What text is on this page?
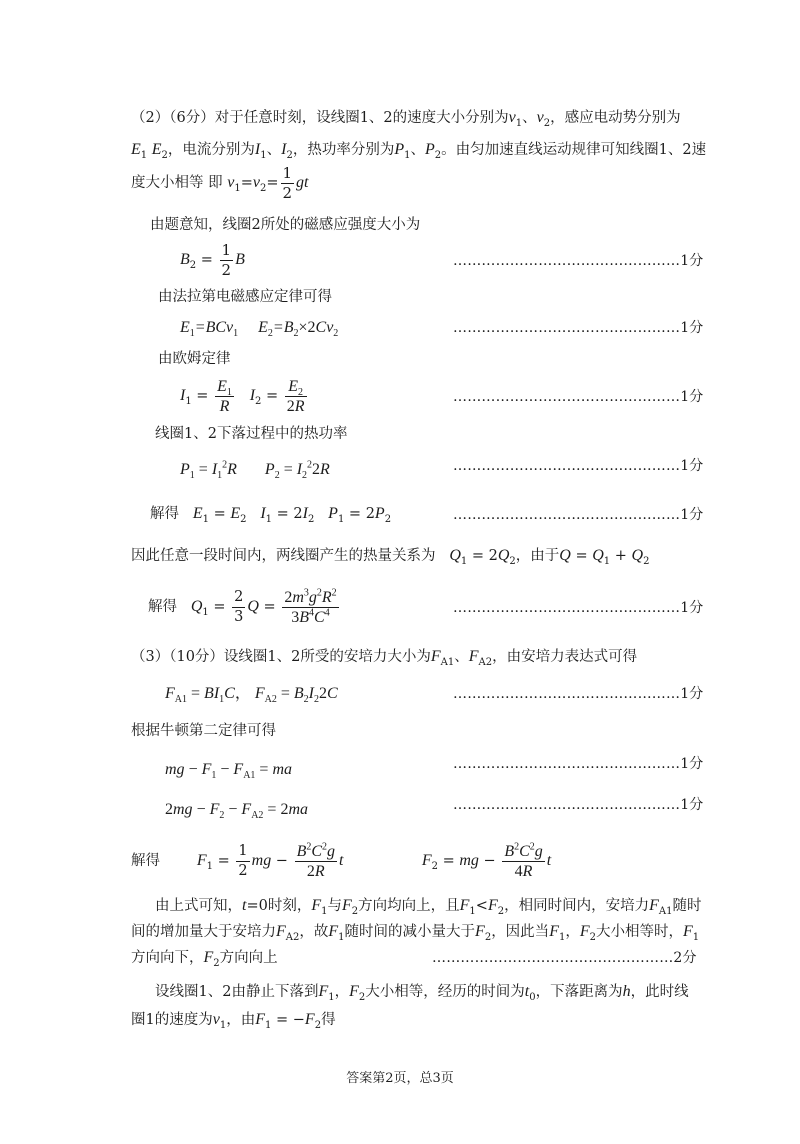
（2）（6分）对于任意时刻，设线圈1、2的速度大小分别为$v_1$、$v_2$，感应电动势分别为
$E_1$ $E_2$，电流分别为$I_1$、$I_2$，热功率分别为$P_1$、$P_2$。由匀加速直线运动规律可知线圈1、2速
度大小相等 即 $v_1=v_2= \frac{1}{2}$ gt
由题意知，线圈2所处的磁感应强度大小为
$B_2 = \frac{1}{2}$ B	…………………………………………1分
由法拉第电磁感应定律可得
$E_1=BCv_1$     $E_2=B_2\times 2Cv_2$	…………………………………………1分
由欧姆定律
$I_1 = \frac{E_1}{R} I_2 = \frac{E_2}{2R}$	…………………………………………1分
线圈1、2下落过程中的热功率
$P_1 = I_1^2R$       $P_2 = I_2^22R$	…………………………………………1分
解得 $E_1 = E_2$ $I_1 = 2I_2$ $P_1 = 2P_2$	…………………………………………1分
因此任意一段时间内，两线圈产生的热量关系为 $Q_1 = 2Q_2$，由于$Q = Q_1 + Q_2$
解得 $Q_1 = \frac{2}{3}$ $Q = \frac{2m^3g^2R^2}{3B^4C^4}$	…………………………………………1分
（3）（10分）设线圈1、2所受的安培力大小为$F_{A1}$、$F_{A2}$，由安培力表达式可得
$F_{A1} = BI_1C$， $F_{A2} = B_2I_22C$	…………………………………………1分
根据牛顿第二定律可得
mg − $F_1 - F_{A1}$ = ma	…………………………………………1分
$2mg - F_2 - F_{A2} = 2ma$	…………………………………………1分
解得 $F_1 = \frac{1}{2}$ mg − $\frac{B^2C^2g}{2R}$ t	$F_2$ = mg − $\frac{B^2C^2g}{4R}$ t
由上式可知，t=0时刻，$F_1$与$F_2$方向均向上，且$F_1<F_2$，相同时间内，安培力$F_{A1}$随时
间的增加量大于安培力$F_{A2}$，故$F_1$随时间的减小量大于$F_2$，因此当$F_1$，$F_2$大小相等时，$F_1$
方向向下，$F_2$方向向上	……………………………………………2分
设线圈1、2由静止下落到$F_1$，$F_2$大小相等，经历的时间为$t_0$，下落距离为h，此时线
圈1的速度为$v_1$，由$F_1 = -F_2$得
答案第2页，总3页
